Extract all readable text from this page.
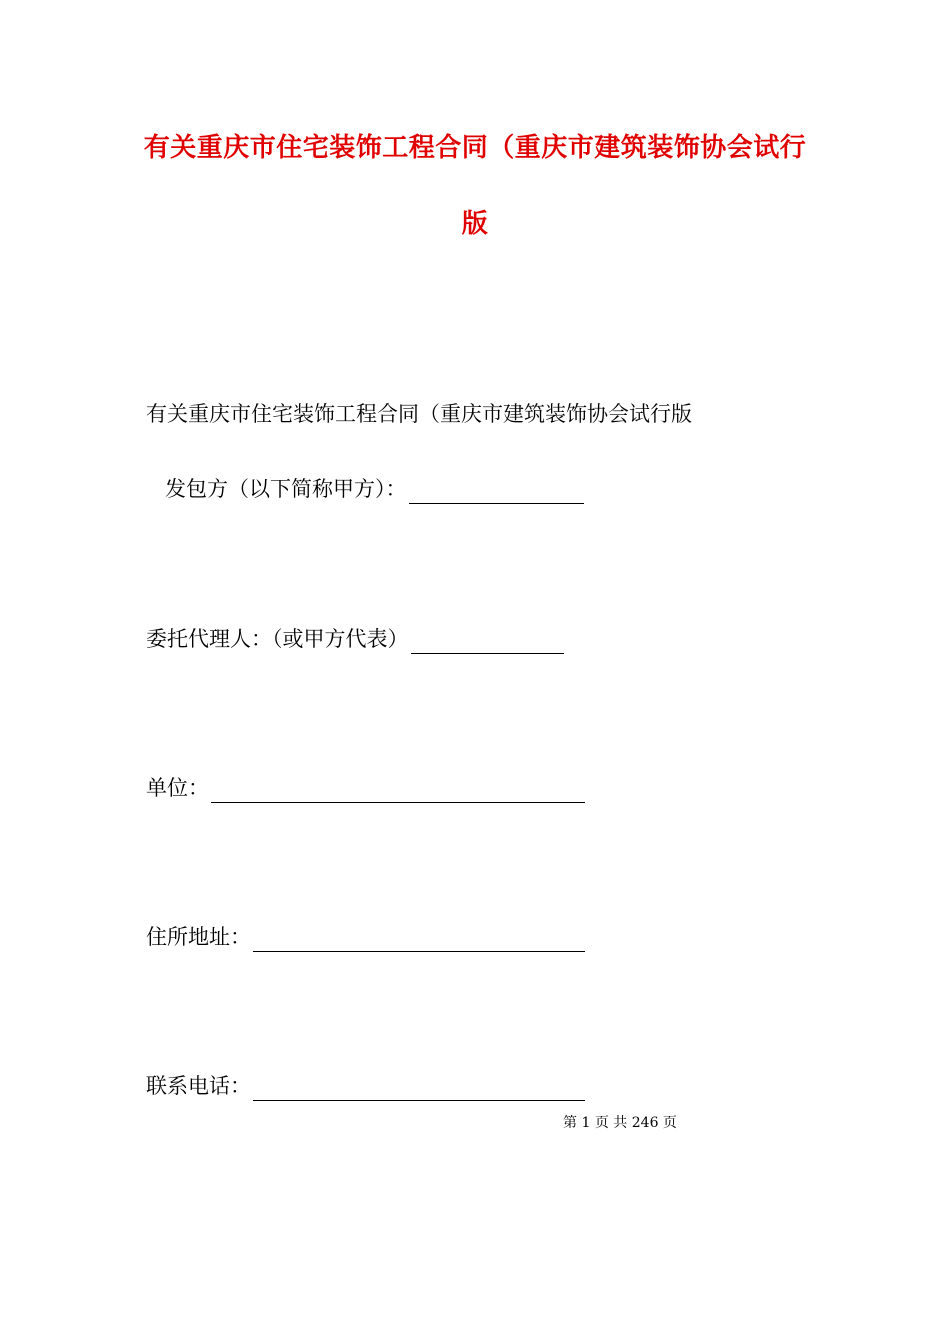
有关重庆市住宅装饰工程合同（重庆市建筑装饰协会试行
版
有关重庆市住宅装饰工程合同（重庆市建筑装饰协会试行版
发包方（以下简称甲方）：
委托代理人：（或甲方代表）
单位：
住所地址：
联系电话：
第 1 页 共 246 页
